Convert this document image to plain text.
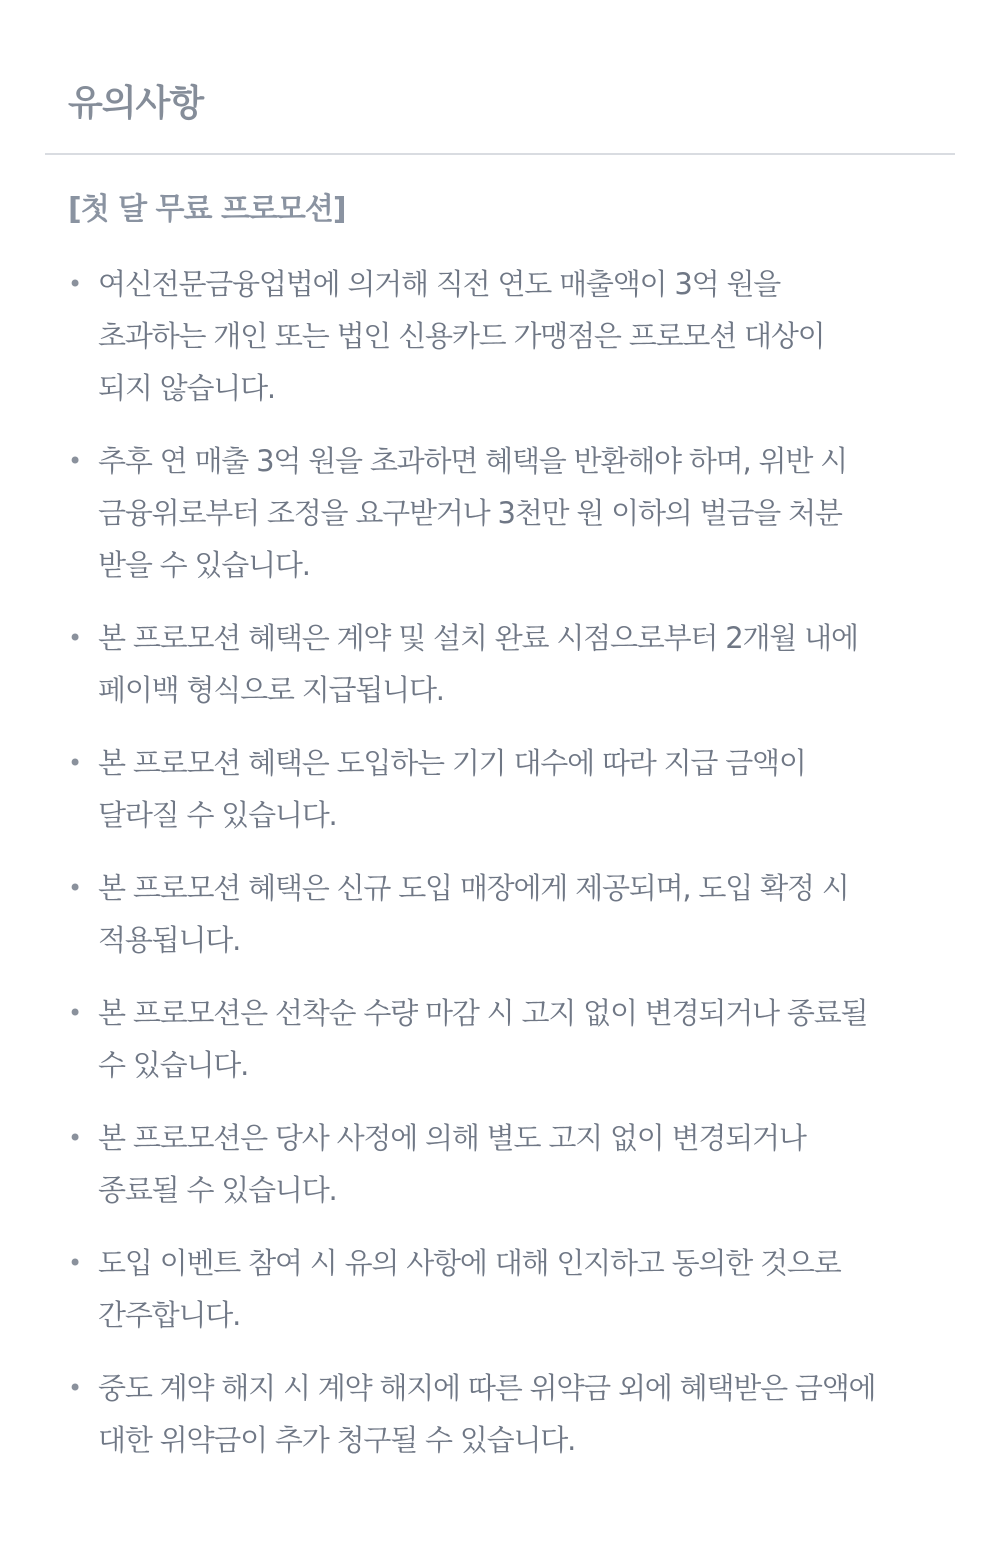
유의사항
[첫 달 무료 프로모션]
• 여신전문금융업법에 의거해 직전 연도 매출액이 3억 원을
초과하는 개인 또는 법인 신용카드 가맹점은 프로모션 대상이
되지 않습니다.
• 추후 연 매출 3억 원을 초과하면 혜택을 반환해야 하며, 위반 시
금융위로부터 조정을 요구받거나 3천만 원 이하의 벌금을 처분
받을 수 있습니다.
• 본 프로모션 혜택은 계약 및 설치 완료 시점으로부터 2개월 내에
페이백 형식으로 지급됩니다.
• 본 프로모션 혜택은 도입하는 기기 대수에 따라 지급 금액이
달라질 수 있습니다.
• 본 프로모션 혜택은 신규 도입 매장에게 제공되며, 도입 확정 시
적용됩니다.
• 본 프로모션은 선착순 수량 마감 시 고지 없이 변경되거나 종료될
수 있습니다.
• 본 프로모션은 당사 사정에 의해 별도 고지 없이 변경되거나
종료될 수 있습니다.
• 도입 이벤트 참여 시 유의 사항에 대해 인지하고 동의한 것으로
간주합니다.
• 중도 계약 해지 시 계약 해지에 따른 위약금 외에 혜택받은 금액에
대한 위약금이 추가 청구될 수 있습니다.
